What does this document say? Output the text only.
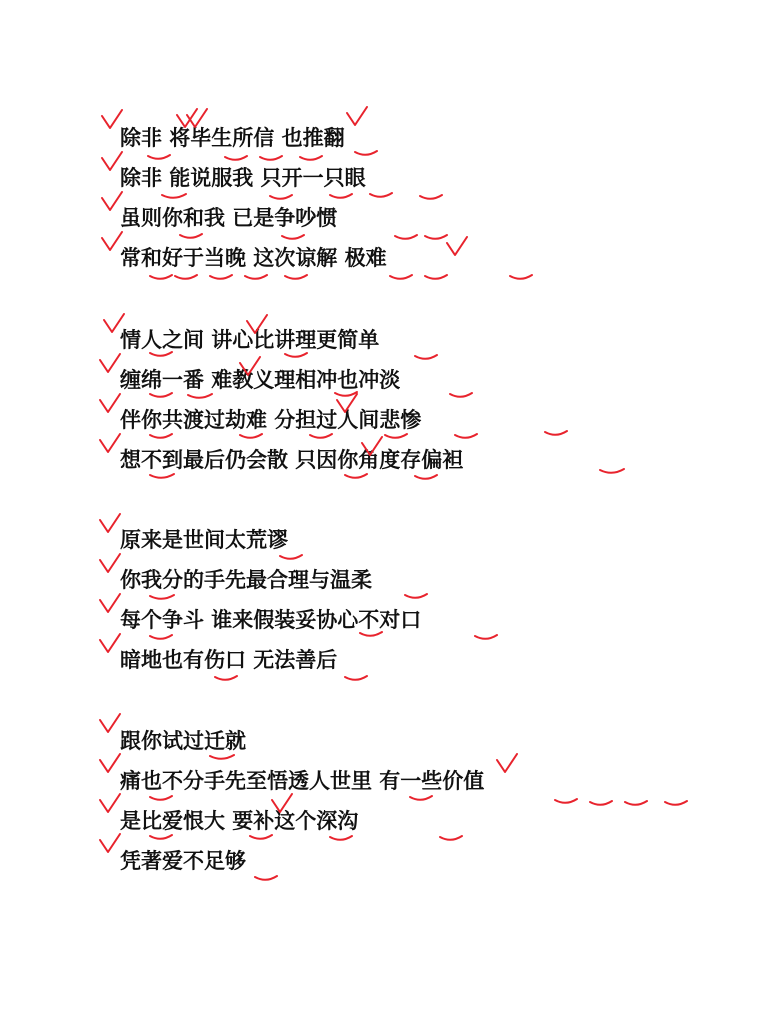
除非 将毕生所信 也推翻
除非 能说服我 只开一只眼
虽则你和我 已是争吵惯
常和好于当晚 这次谅解 极难
情人之间 讲心比讲理更简单
缠绵一番 难教义理相冲也冲淡
伴你共渡过劫难 分担过人间悲惨
想不到最后仍会散 只因你角度存偏袒
原来是世间太荒谬
你我分的手先最合理与温柔
每个争斗 谁来假装妥协心不对口
暗地也有伤口 无法善后
跟你试过迁就
痛也不分手先至悟透人世里 有一些价值
是比爱恨大 要补这个深沟
凭著爱不足够
